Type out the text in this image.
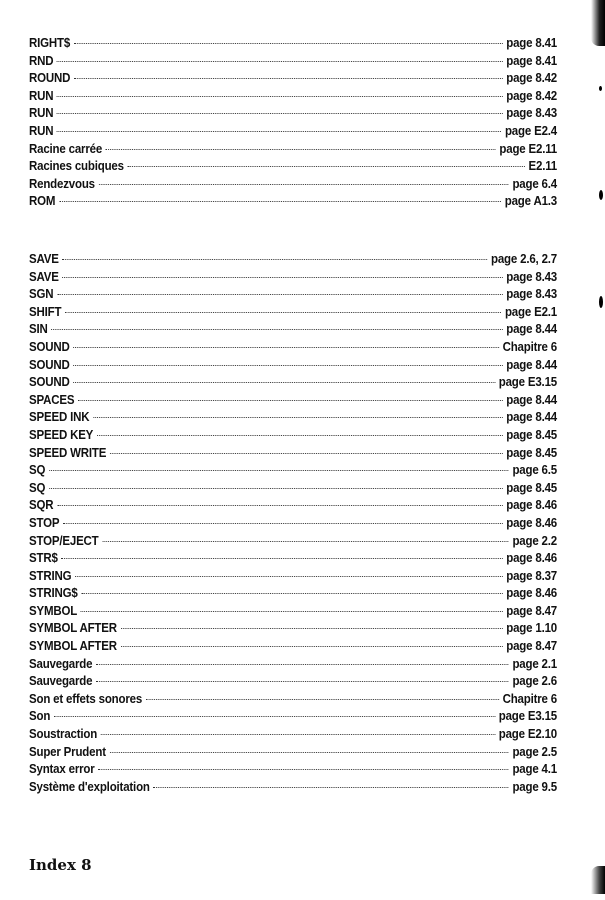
RIGHT$	page 8.41
RND	page 8.41
ROUND	page 8.42
RUN	page 8.42
RUN	page 8.43
RUN	page E2.4
Racine carrée	page E2.11
Racines cubiques	E2.11
Rendezvous	page 6.4
ROM	page A1.3
SAVE	page 2.6, 2.7
SAVE	page 8.43
SGN	page 8.43
SHIFT	page E2.1
SIN	page 8.44
SOUND	Chapitre 6
SOUND	page 8.44
SOUND	page E3.15
SPACES	page 8.44
SPEED INK	page 8.44
SPEED KEY	page 8.45
SPEED WRITE	page 8.45
SQ	page 6.5
SQ	page 8.45
SQR	page 8.46
STOP	page 8.46
STOP/EJECT	page 2.2
STR$	page 8.46
STRING	page 8.37
STRING$	page 8.46
SYMBOL	page 8.47
SYMBOL AFTER	page 1.10
SYMBOL AFTER	page 8.47
Sauvegarde	page 2.1
Sauvegarde	page 2.6
Son et effets sonores	Chapitre 6
Son	page E3.15
Soustraction	page E2.10
Super Prudent	page 2.5
Syntax error	page 4.1
Système d'exploitation	page 9.5
Index 8
